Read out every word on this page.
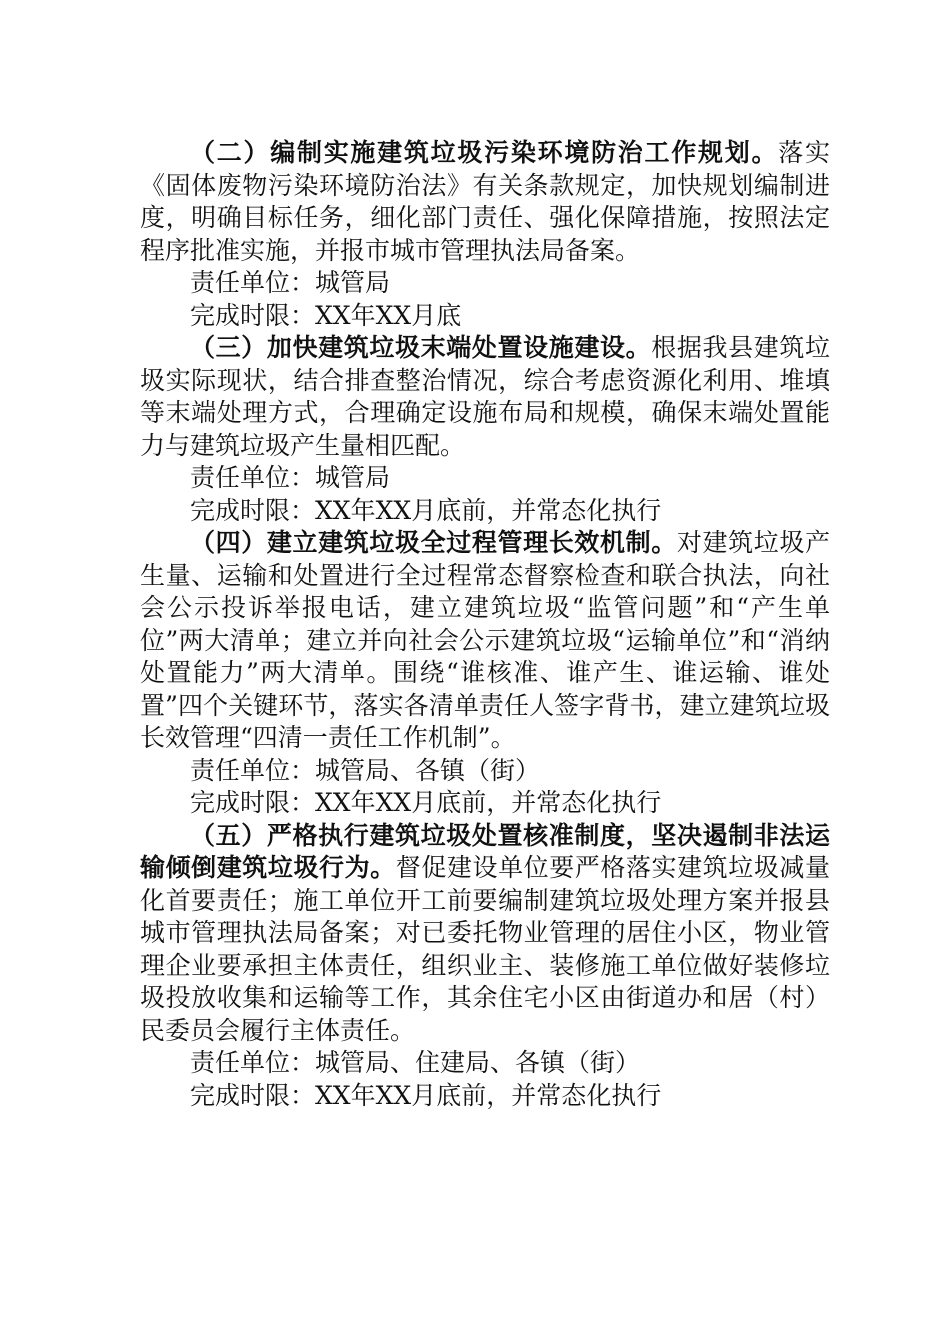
（二）编制实施建筑垃圾污染环境防治工作规划。落实《固体废物污染环境防治法》有关条款规定，加快规划编制进度，明确目标任务，细化部门责任、强化保障措施，按照法定程序批准实施，并报市城市管理执法局备案。

责任单位：城管局

完成时限：XX年XX月底

（三）加快建筑垃圾末端处置设施建设。根据我县建筑垃圾实际现状，结合排查整治情况，综合考虑资源化利用、堆填等末端处理方式，合理确定设施布局和规模，确保末端处置能力与建筑垃圾产生量相匹配。

责任单位：城管局

完成时限：XX年XX月底前，并常态化执行

（四）建立建筑垃圾全过程管理长效机制。对建筑垃圾产生量、运输和处置进行全过程常态督察检查和联合执法，向社会公示投诉举报电话，建立建筑垃圾“监管问题”和“产生单位”两大清单；建立并向社会公示建筑垃圾“运输单位”和“消纳处置能力”两大清单。围绕“谁核准、谁产生、谁运输、谁处置”四个关键环节，落实各清单责任人签字背书，建立建筑垃圾长效管理“四清一责任工作机制”。

责任单位：城管局、各镇（街）

完成时限：XX年XX月底前，并常态化执行

（五）严格执行建筑垃圾处置核准制度，坚决遏制非法运输倾倒建筑垃圾行为。督促建设单位要严格落实建筑垃圾减量化首要责任；施工单位开工前要编制建筑垃圾处理方案并报县城市管理执法局备案；对已委托物业管理的居住小区，物业管理企业要承担主体责任，组织业主、装修施工单位做好装修垃圾投放收集和运输等工作，其余住宅小区由街道办和居（村）民委员会履行主体责任。

责任单位：城管局、住建局、各镇（街）

完成时限：XX年XX月底前，并常态化执行
